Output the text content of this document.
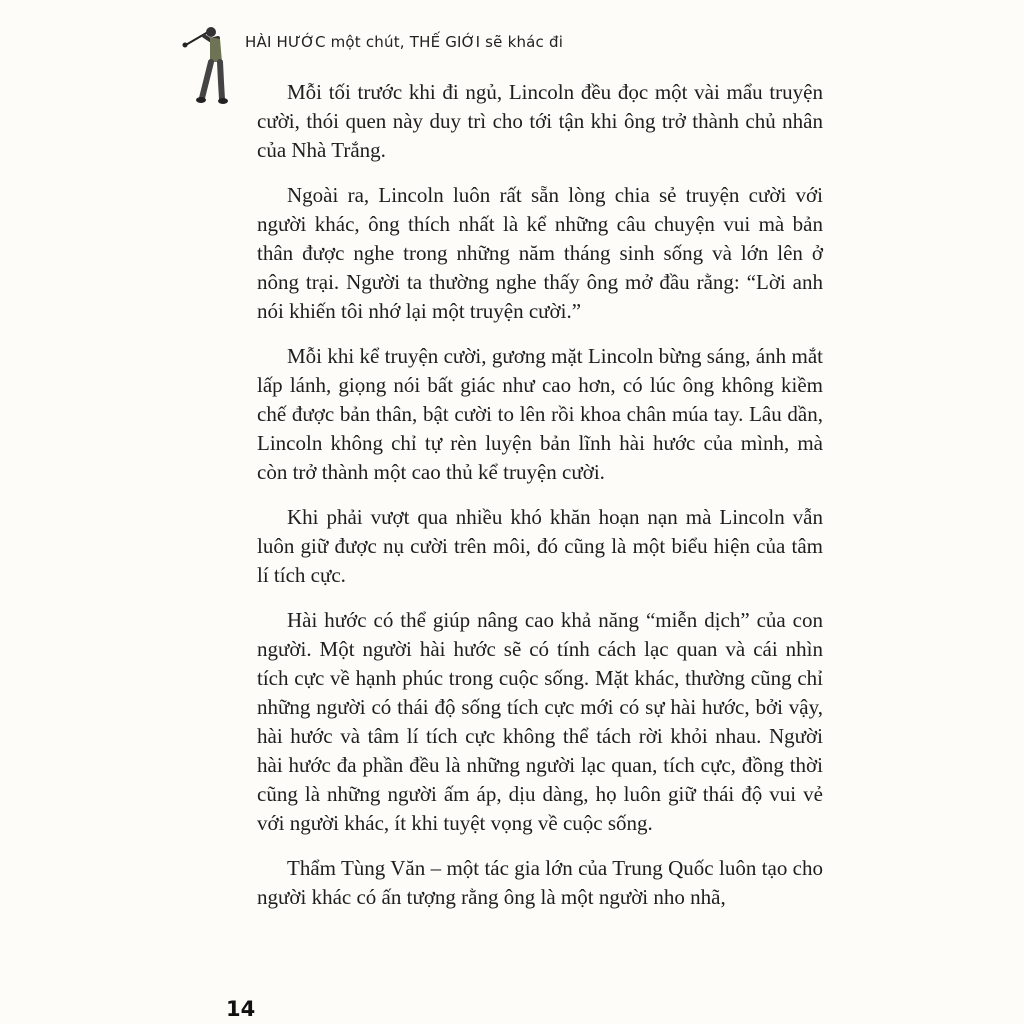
HÀI HƯỚC một chút, THẾ GIỚI sẽ khác đi

Mỗi tối trước khi đi ngủ, Lincoln đều đọc một vài mẩu truyện cười, thói quen này duy trì cho tới tận khi ông trở thành chủ nhân của Nhà Trắng.

Ngoài ra, Lincoln luôn rất sẵn lòng chia sẻ truyện cười với người khác, ông thích nhất là kể những câu chuyện vui mà bản thân được nghe trong những năm tháng sinh sống và lớn lên ở nông trại. Người ta thường nghe thấy ông mở đầu rằng: “Lời anh nói khiến tôi nhớ lại một truyện cười.”

Mỗi khi kể truyện cười, gương mặt Lincoln bừng sáng, ánh mắt lấp lánh, giọng nói bất giác như cao hơn, có lúc ông không kiềm chế được bản thân, bật cười to lên rồi khoa chân múa tay. Lâu dần, Lincoln không chỉ tự rèn luyện bản lĩnh hài hước của mình, mà còn trở thành một cao thủ kể truyện cười.

Khi phải vượt qua nhiều khó khăn hoạn nạn mà Lincoln vẫn luôn giữ được nụ cười trên môi, đó cũng là một biểu hiện của tâm lí tích cực.

Hài hước có thể giúp nâng cao khả năng “miễn dịch” của con người. Một người hài hước sẽ có tính cách lạc quan và cái nhìn tích cực về hạnh phúc trong cuộc sống. Mặt khác, thường cũng chỉ những người có thái độ sống tích cực mới có sự hài hước, bởi vậy, hài hước và tâm lí tích cực không thể tách rời khỏi nhau. Người hài hước đa phần đều là những người lạc quan, tích cực, đồng thời cũng là những người ấm áp, dịu dàng, họ luôn giữ thái độ vui vẻ với người khác, ít khi tuyệt vọng về cuộc sống.

Thẩm Tùng Văn – một tác gia lớn của Trung Quốc luôn tạo cho người khác có ấn tượng rằng ông là một người nho nhã,

14
